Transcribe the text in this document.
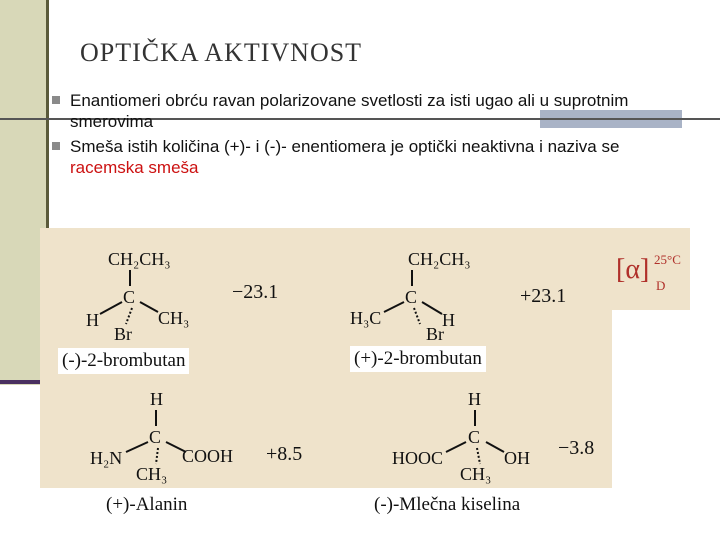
OPTIČKA AKTIVNOST
Enantiomeri obrću ravan polarizovane svetlosti za isti ugao ali u suprotnim smerovima
Smeša istih količina (+)- i (-)- enentiomera je optički neaktivna i naziva se racemska smeša
[α] 25°C
D
CH₂CH₃
C
H	CH₃
Br
−23.1
CH₂CH₃
C
H₃C	H
Br
+23.1
H
C
H₂N	COOH
CH₃
+8.5
H
C
HOOC	OH
CH₃
−3.8
(-)-2-brombutan	(+)-2-brombutan
(+)-Alanin	(-)-Mlečna kiselina
